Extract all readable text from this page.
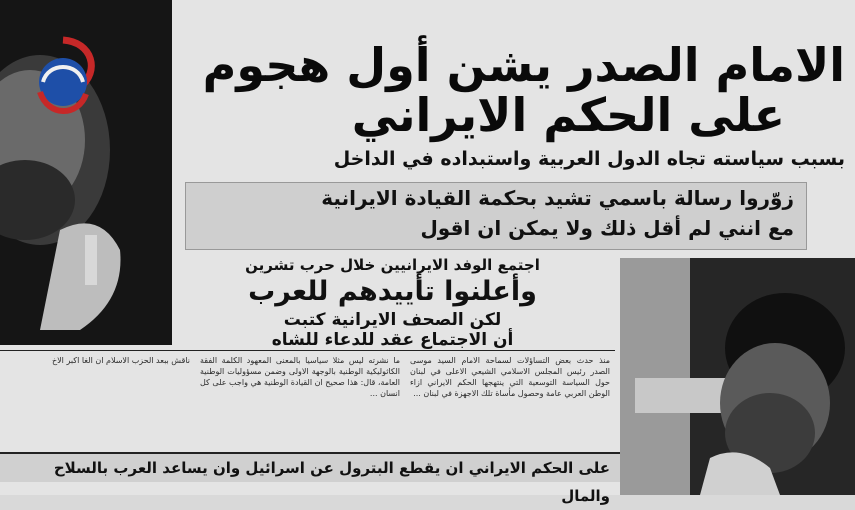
الامام الصدر يشن أول هجوم
على الحكم الايراني
بسبب سياسته تجاه الدول العربية واستبداده في الداخل
زوّروا رسالة باسمي تشيد بحكمة القيادة الايرانية
مع انني لم أقل ذلك ولا يمكن ان اقول
اجتمع الوفد الايرانيين خلال حرب تشرين
وأعلنوا تأييدهم للعرب
لكن الصحف الايرانية كتبت
أن الاجتماع عقد للدعاء للشاه

منذ حدث بعض التساؤلات لسماحة الامام السيد موسى الصدر رئيس المجلس الاسلامي الشيعي الاعلى في لبنان حول السياسة التوسعية التي ينتهجها الحكم الايراني ازاء الوطن العربي عامة وحصول مأساة تلك الاجهزة في لبنان ...

ما نشرته ليس مثلا سياسيا بالمعنى المعهود الكلمة الفقة الكاثوليكية الوطنية بالوجهة الاولى وضمن مسؤوليات الوطنية العامة، قال: هذا صحيح ان القيادة الوطنية هي واجب على كل انسان ...

ناقش ببعد الحزب الاسلام ان الغا اكبر الاخ

على الحكم الايراني ان يقطع البترول عن اسرائيل وان يساعد العرب بالسلاح والمال
